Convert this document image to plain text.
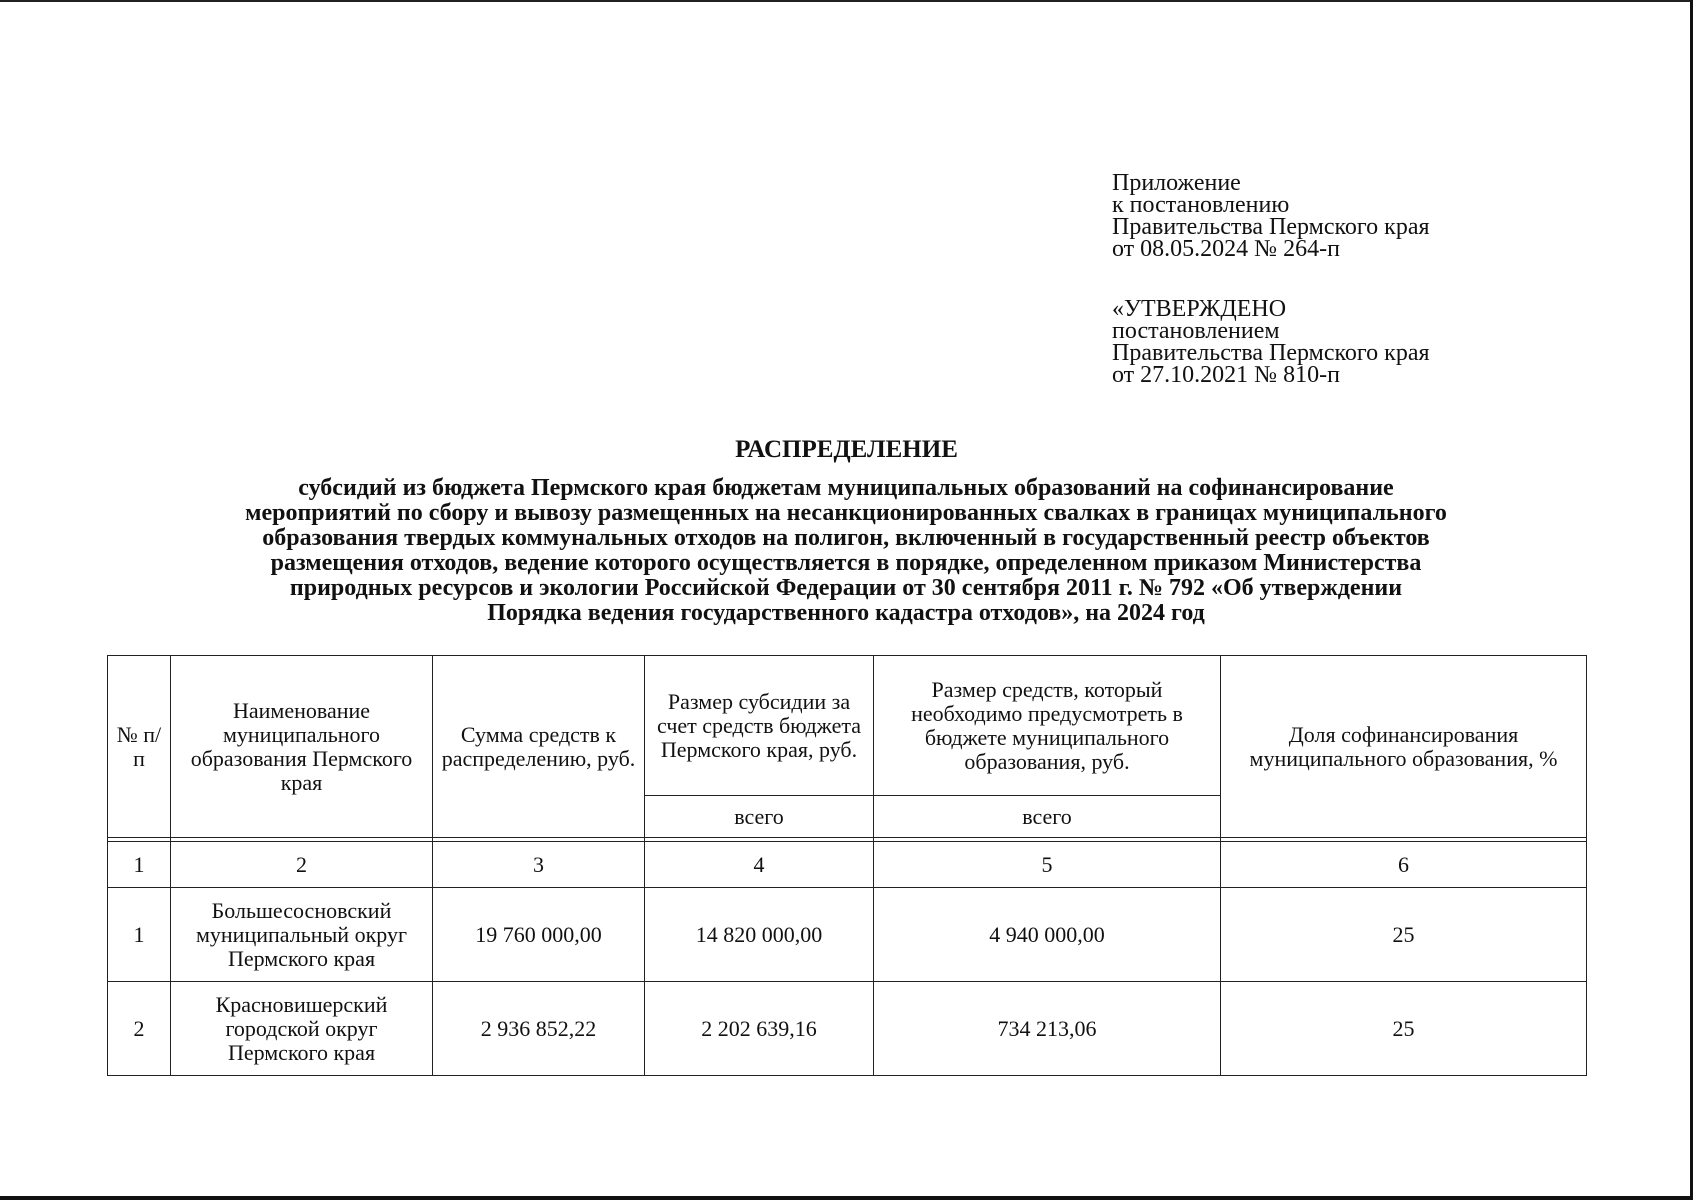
Приложение
к постановлению
Правительства Пермского края
от 08.05.2024 № 264-п
«УТВЕРЖДЕНО
постановлением
Правительства Пермского края
от 27.10.2021 № 810-п
РАСПРЕДЕЛЕНИЕ
субсидий из бюджета Пермского края бюджетам муниципальных образований на софинансирование
мероприятий по сбору и вывозу размещенных на несанкционированных свалках в границах муниципального
образования твердых коммунальных отходов на полигон, включенный в государственный реестр объектов
размещения отходов, ведение которого осуществляется в порядке, определенном приказом Министерства
природных ресурсов и экологии Российской Федерации от 30 сентября 2011 г. № 792 «Об утверждении
Порядка ведения государственного кадастра отходов», на 2024 год
№ п/п	Наименование муниципального образования Пермского края	Сумма средств к распределению, руб.	Размер субсидии за счет средств бюджета Пермского края, руб.	Размер средств, который необходимо предусмотреть в бюджете муниципального образования, руб.	Доля софинансирования муниципального образования, %
			всего	всего	

1	2	3	4	5	6
1	Большесосновский муниципальный округ Пермского края	19 760 000,00	14 820 000,00	4 940 000,00	25
2	Красновишерский городской округ Пермского края	2 936 852,22	2 202 639,16	734 213,06	25
